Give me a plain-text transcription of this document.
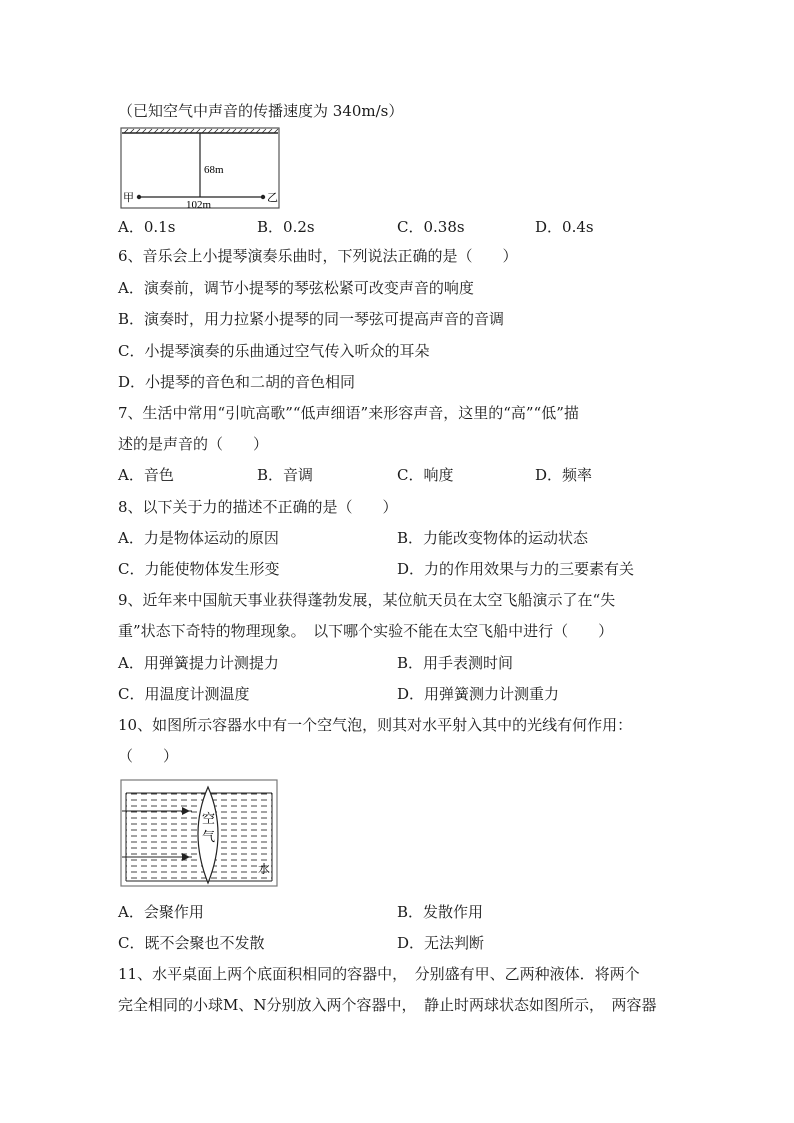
（已知空气中声音的传播速度为 340m/s）
68m
102m
甲	乙
A．0.1s	B．0.2s	C．0.38s	D．0.4s
6、音乐会上小提琴演奏乐曲时，下列说法正确的是（　　）
A．演奏前，调节小提琴的琴弦松紧可改变声音的响度
B．演奏时，用力拉紧小提琴的同一琴弦可提高声音的音调
C．小提琴演奏的乐曲通过空气传入听众的耳朵
D．小提琴的音色和二胡的音色相同
7、生活中常用“引吭高歌”“低声细语”来形容声音，这里的“高”“低”描
述的是声音的（　　）
A．音色	B．音调	C．响度	D．频率
8、以下关于力的描述不正确的是（　　）
A．力是物体运动的原因	B．力能改变物体的运动状态
C．力能使物体发生形变	D．力的作用效果与力的三要素有关
9、近年来中国航天事业获得蓬勃发展，某位航天员在太空飞船演示了在“失
重”状态下奇特的物理现象。　以下哪个实验不能在太空飞船中进行（　　）
A．用弹簧提力计测提力	B．用手表测时间
C．用温度计测温度	D．用弹簧测力计测重力
10、如图所示容器水中有一个空气泡，则其对水平射入其中的光线有何作用：
（　　）
空气
水
A．会聚作用	B．发散作用
C．既不会聚也不发散	D．无法判断
11、水平桌面上两个底面积相同的容器中，　分别盛有甲、乙两种液体．将两个
完全相同的小球M、N分别放入两个容器中，　静止时两球状态如图所示，　两容器
